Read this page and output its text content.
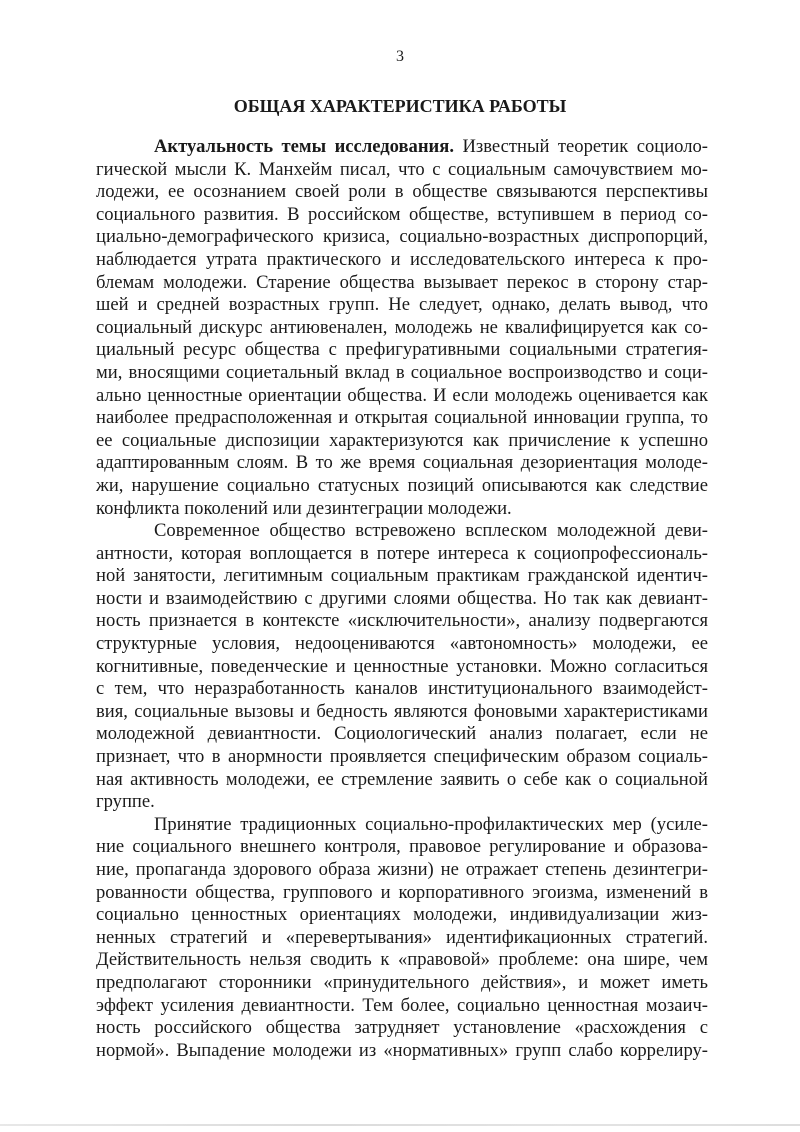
3
ОБЩАЯ ХАРАКТЕРИСТИКА РАБОТЫ
Актуальность темы исследования. Известный теоретик социоло-
гической мысли К. Манхейм писал, что с социальным самочувствием мо-
лодежи, ее осознанием своей роли в обществе связываются перспективы
социального развития. В российском обществе, вступившем в период со-
циально-демографического кризиса, социально-возрастных диспропорций,
наблюдается утрата практического и исследовательского интереса к про-
блемам молодежи. Старение общества вызывает перекос в сторону стар-
шей и средней возрастных групп. Не следует, однако, делать вывод, что
социальный дискурс антиювенален, молодежь не квалифицируется как со-
циальный ресурс общества с префигуративными социальными стратегия-
ми, вносящими социетальный вклад в социальное воспроизводство и соци-
ально ценностные ориентации общества. И если молодежь оценивается как
наиболее предрасположенная и открытая социальной инновации группа, то
ее социальные диспозиции характеризуются как причисление к успешно
адаптированным слоям. В то же время социальная дезориентация молоде-
жи, нарушение социально статусных позиций описываются как следствие
конфликта поколений или дезинтеграции молодежи.
Современное общество встревожено всплеском молодежной деви-
антности, которая воплощается в потере интереса к социопрофессиональ-
ной занятости, легитимным социальным практикам гражданской идентич-
ности и взаимодействию с другими слоями общества. Но так как девиант-
ность признается в контексте «исключительности», анализу подвергаются
структурные условия, недооцениваются «автономность» молодежи, ее
когнитивные, поведенческие и ценностные установки. Можно согласиться
с тем, что неразработанность каналов институционального взаимодейст-
вия, социальные вызовы и бедность являются фоновыми характеристиками
молодежной девиантности. Социологический анализ полагает, если не
признает, что в анормности проявляется специфическим образом социаль-
ная активность молодежи, ее стремление заявить о себе как о социальной
группе.
Принятие традиционных социально-профилактических мер (усиле-
ние социального внешнего контроля, правовое регулирование и образова-
ние, пропаганда здорового образа жизни) не отражает степень дезинтегри-
рованности общества, группового и корпоративного эгоизма, изменений в
социально ценностных ориентациях молодежи, индивидуализации жиз-
ненных стратегий и «перевертывания» идентификационных стратегий.
Действительность нельзя сводить к «правовой» проблеме: она шире, чем
предполагают сторонники «принудительного действия», и может иметь
эффект усиления девиантности. Тем более, социально ценностная мозаич-
ность российского общества затрудняет установление «расхождения с
нормой». Выпадение молодежи из «нормативных» групп слабо коррелиру-
